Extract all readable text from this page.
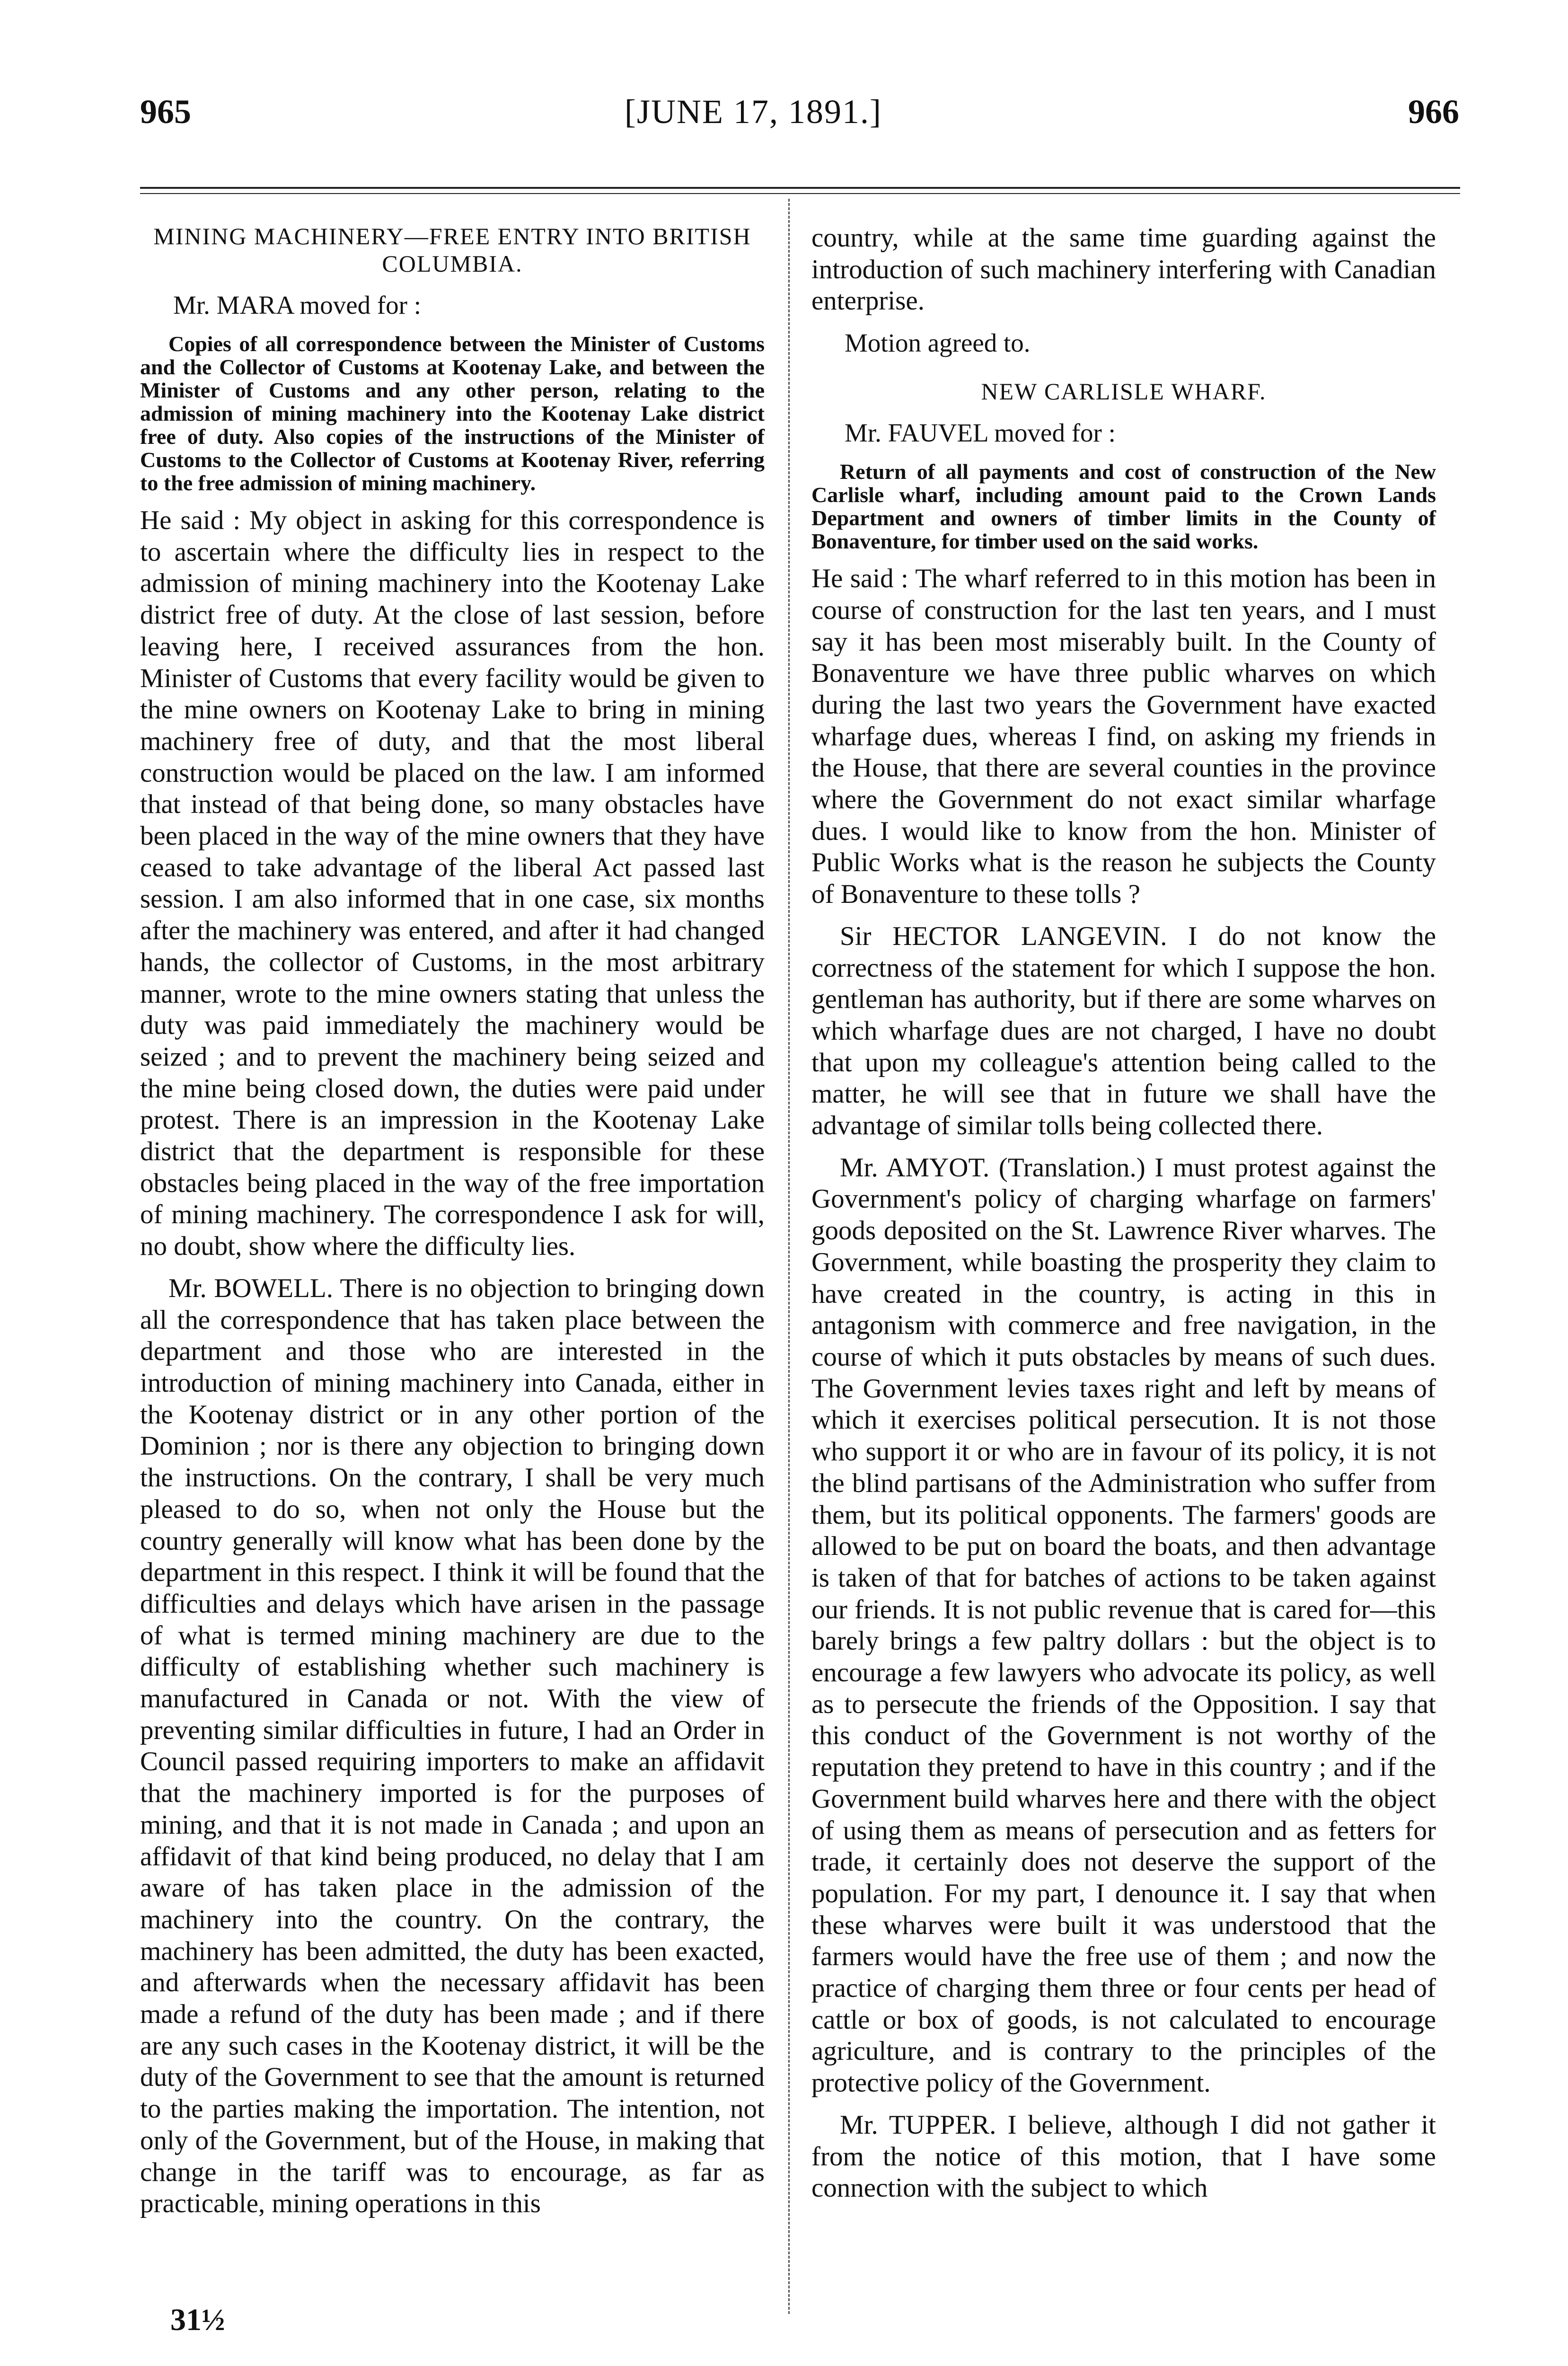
965	[JUNE 17, 1891.]	966
MINING MACHINERY—FREE ENTRY INTO BRITISH COLUMBIA.
Mr. MARA moved for :
Copies of all correspondence between the Minister of Customs and the Collector of Customs at Kootenay Lake, and between the Minister of Customs and any other person, relating to the admission of mining machinery into the Kootenay Lake district free of duty. Also copies of the instructions of the Minister of Customs to the Collector of Customs at Kootenay River, referring to the free admission of mining machinery.

He said : My object in asking for this correspondence is to ascertain where the difficulty lies in respect to the admission of mining machinery into the Kootenay Lake district free of duty. At the close of last session, before leaving here, I received assurances from the hon. Minister of Customs that every facility would be given to the mine owners on Kootenay Lake to bring in mining machinery free of duty, and that the most liberal construction would be placed on the law. I am informed that instead of that being done, so many obstacles have been placed in the way of the mine owners that they have ceased to take advantage of the liberal Act passed last session. I am also informed that in one case, six months after the machinery was entered, and after it had changed hands, the collector of Customs, in the most arbitrary manner, wrote to the mine owners stating that unless the duty was paid immediately the machinery would be seized ; and to prevent the machinery being seized and the mine being closed down, the duties were paid under protest. There is an impression in the Kootenay Lake district that the department is responsible for these obstacles being placed in the way of the free importation of mining machinery. The correspondence I ask for will, no doubt, show where the difficulty lies.

Mr. BOWELL. There is no objection to bringing down all the correspondence that has taken place between the department and those who are interested in the introduction of mining machinery into Canada, either in the Kootenay district or in any other portion of the Dominion ; nor is there any objection to bringing down the instructions. On the contrary, I shall be very much pleased to do so, when not only the House but the country generally will know what has been done by the department in this respect. I think it will be found that the difficulties and delays which have arisen in the passage of what is termed mining machinery are due to the difficulty of establishing whether such machinery is manufactured in Canada or not. With the view of preventing similar difficulties in future, I had an Order in Council passed requiring importers to make an affidavit that the machinery imported is for the purposes of mining, and that it is not made in Canada ; and upon an affidavit of that kind being produced, no delay that I am aware of has taken place in the admission of the machinery into the country. On the contrary, the machinery has been admitted, the duty has been exacted, and afterwards when the necessary affidavit has been made a refund of the duty has been made ; and if there are any such cases in the Kootenay district, it will be the duty of the Government to see that the amount is returned to the parties making the importation. The intention, not only of the Government, but of the House, in making that change in the tariff was to encourage, as far as practicable, mining operations in this

31½

country, while at the same time guarding against the introduction of such machinery interfering with Canadian enterprise.

Motion agreed to.
NEW CARLISLE WHARF.
Mr. FAUVEL moved for :
Return of all payments and cost of construction of the New Carlisle wharf, including amount paid to the Crown Lands Department and owners of timber limits in the County of Bonaventure, for timber used on the said works.

He said : The wharf referred to in this motion has been in course of construction for the last ten years, and I must say it has been most miserably built. In the County of Bonaventure we have three public wharves on which during the last two years the Government have exacted wharfage dues, whereas I find, on asking my friends in the House, that there are several counties in the province where the Government do not exact similar wharfage dues. I would like to know from the hon. Minister of Public Works what is the reason he subjects the County of Bonaventure to these tolls ?

Sir HECTOR LANGEVIN. I do not know the correctness of the statement for which I suppose the hon. gentleman has authority, but if there are some wharves on which wharfage dues are not charged, I have no doubt that upon my colleague's attention being called to the matter, he will see that in future we shall have the advantage of similar tolls being collected there.

Mr. AMYOT. (Translation.) I must protest against the Government's policy of charging wharfage on farmers' goods deposited on the St. Lawrence River wharves. The Government, while boasting the prosperity they claim to have created in the country, is acting in this in antagonism with commerce and free navigation, in the course of which it puts obstacles by means of such dues. The Government levies taxes right and left by means of which it exercises political persecution. It is not those who support it or who are in favour of its policy, it is not the blind partisans of the Administration who suffer from them, but its political opponents. The farmers' goods are allowed to be put on board the boats, and then advantage is taken of that for batches of actions to be taken against our friends. It is not public revenue that is cared for—this barely brings a few paltry dollars : but the object is to encourage a few lawyers who advocate its policy, as well as to persecute the friends of the Opposition. I say that this conduct of the Government is not worthy of the reputation they pretend to have in this country ; and if the Government build wharves here and there with the object of using them as means of persecution and as fetters for trade, it certainly does not deserve the support of the population. For my part, I denounce it. I say that when these wharves were built it was understood that the farmers would have the free use of them ; and now the practice of charging them three or four cents per head of cattle or box of goods, is not calculated to encourage agriculture, and is contrary to the principles of the protective policy of the Government.

Mr. TUPPER. I believe, although I did not gather it from the notice of this motion, that I have some connection with the subject to which
